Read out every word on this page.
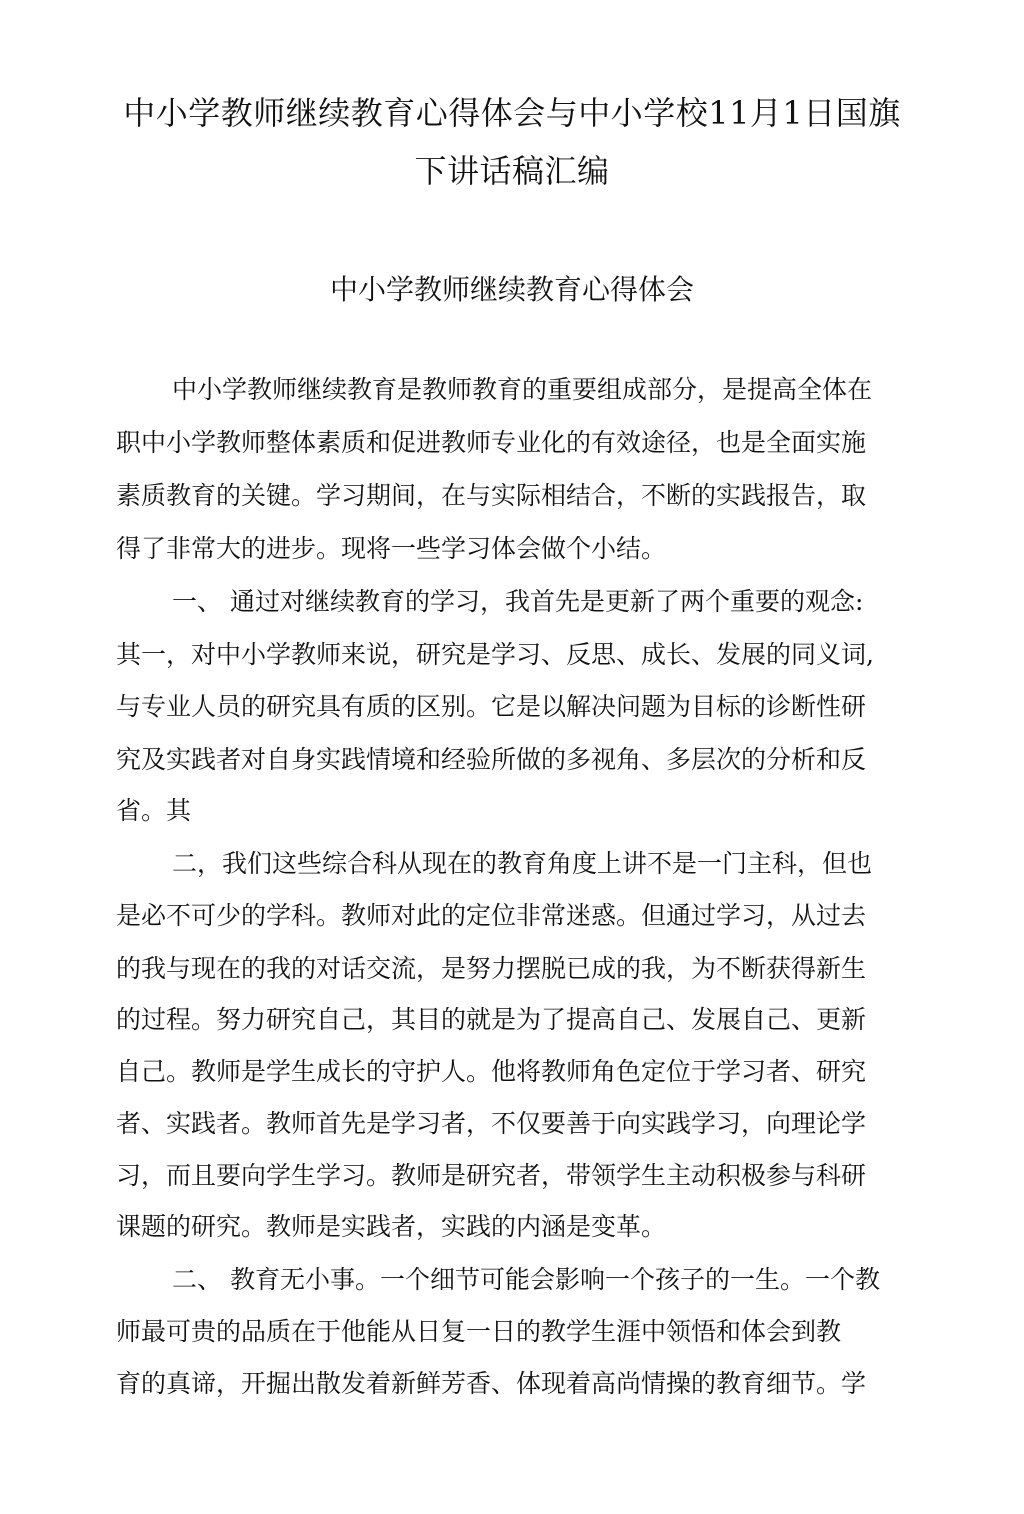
中小学教师继续教育心得体会与中小学校11月1日国旗
下讲话稿汇编
中小学教师继续教育心得体会

中小学教师继续教育是教师教育的重要组成部分，是提高全体在

职中小学教师整体素质和促进教师专业化的有效途径，也是全面实施

素质教育的关键。学习期间，在与实际相结合，不断的实践报告，取

得了非常大的进步。现将一些学习体会做个小结。

一、 通过对继续教育的学习，我首先是更新了两个重要的观念:

其一，对中小学教师来说，研究是学习、反思、成长、发展的同义词,

与专业人员的研究具有质的区别。它是以解决问题为目标的诊断性研

究及实践者对自身实践情境和经验所做的多视角、多层次的分析和反

省。其

二，我们这些综合科从现在的教育角度上讲不是一门主科，但也

是必不可少的学科。教师对此的定位非常迷惑。但通过学习，从过去

的我与现在的我的对话交流，是努力摆脱已成的我，为不断获得新生

的过程。努力研究自己，其目的就是为了提高自己、发展自己、更新

自己。教师是学生成长的守护人。他将教师角色定位于学习者、研究

者、实践者。教师首先是学习者，不仅要善于向实践学习，向理论学

习，而且要向学生学习。教师是研究者，带领学生主动积极参与科研

课题的研究。教师是实践者，实践的内涵是变革。

二、 教育无小事。一个细节可能会影响一个孩子的一生。一个教

师最可贵的品质在于他能从日复一日的教学生涯中领悟和体会到教

育的真谛，开掘出散发着新鲜芳香、体现着高尚情操的教育细节。学
